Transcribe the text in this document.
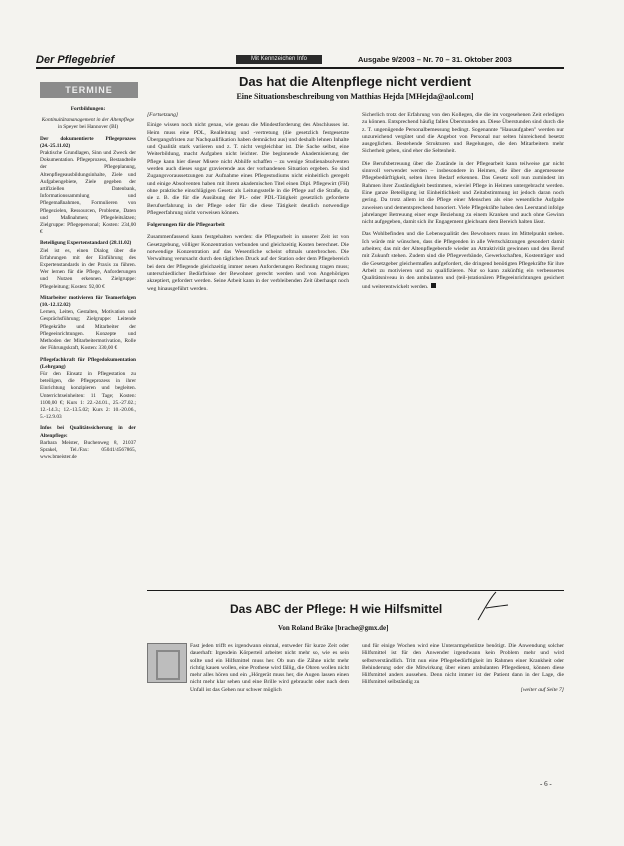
Der Pflegebrief	Mit Kennzeichen Info	Ausgabe 9/2003 – Nr. 70 – 31. Oktober 2003
TERMINE

Fortbildungen:

Kontinuitätsmanagement in der Altenpflege

in Speyer bei Hannover (BI)

Der dokumentierte Pflegeprozess (24.-25.11.02)

Praktische Grundlagen, Sinn und Zweck der Dokumentation. Pflegeprozess, Bestandteile der Pflegeplanung, Altenpflegeausbildungsinhalte, Ziele und Aufgabengebiete, Ziele gegeben der artifiziellen Datenbank, Informationssammlung und Pflegemaßnahmen, Formulieren von Pflegezielen, Ressourcen, Probleme, Daten und Maßnahmen; Pflegeleitsätzen; Zielgruppe: Pflegepersonal; Kosten: 234,00 €

Beteiligung Expertenstandard (28.11.02)

Ziel ist es, einen Dialog über die Erfahrungen mit der Einführung des Expertenstandards in der Praxis zu führen. Wer lernen für die Pflege, Anforderungen und Nutzen erkennen. Zielgruppe: Pflegeleitung; Kosten: 92,00 €

Mitarbeiter motivieren für Teamerfolgen (10.-12.12.02)

Lernen, Leiten, Gestalten, Motivation und Gesprächsführung; Zielgruppe: Leitende Pflegekräfte und Mitarbeiter der Pflegeeinrichtungen. Konzepte und Methoden der Mitarbeitermotivation, Rolle der Führungskraft, Kosten: 330,00 €

Pflegefachkraft für Pflegedokumentation (Lehrgang)

Für den Einsatz in Pflegestation zu beteiligen, die Pflegeprozess in ihrer Einrichtung konzipieren und begleiten. Unterrichtseinheiten: 11 Tage; Kosten: 1100,00 €; Kurs 1: 22.-24.01., 25.-27.02.; 12.-14.3.; 12.-13.5.02; Kurs 2: 10.-20.06., 5.-12.9.03

Infos bei Qualitätssicherung in der Altenpflege:

Barbara Meister, Buchenweg 8, 21037 Sprakel, Tel./Fax: 05041/4567865, www.bmeister.de

Das hat die Altenpflege nicht verdient
Eine Situationsbeschreibung von Matthias Hejda [MHejda@aol.com]

[Fortsetzung]

Einige wissen noch nicht genau, wie genau die Mindestforderung des Abschlusses ist. Heim muss eine PDL, Realleitung und -vertretung (die gesetzlich festgesetzte Übergangsfristen zur Nachqualifikation haben demnächst aus) und deshalb lehnen Inhalte und Qualität stark variieren und z. T. nicht vergleichbar ist. Die Sache selbst, eine Weiterbildung, macht Aufgaben nicht leichter. Die beginnende Akademisierung der Pflege kann hier dieser Misere nicht Abhilfe schaffen – zu wenige Studienabsolventen werden auch dieses sogar gravierende aus der vorhandenen Situation ergeben. So sind Zugangsvoraussetzungen zur Aufnahme eines Pflegestudiums nicht einheitlich geregelt und einige Absolventen haben mit ihrem akademischen Titel einen Dipl. Pflegewirt (FH) ohne praktische einschlägigen Gesetz als Leitungsstelle in die Pflege auf die Straße, da sie z. B. die für die Ausübung der PL- oder PDL-Tätigkeit gesetzlich geforderte Berufserfahrung in der Pflege oder für die diese Tätigkeit deutlich notwendige Pflegeerfahrung nicht vorweisen können.

Folgerungen für die Pflegearbeit

Zusammenfassend kann festgehalten werden: die Pflegearbeit in unserer Zeit ist von Gesetzgebung, völliger Konzentration verbunden und gleichzeitig Kosten berechnet. Die notwendige Konzentration auf das Wesentliche scheint oftmals unterbrochen. Die Verwaltung verursacht durch den täglichen Druck auf der Station oder dem Pflegebereich bei dem der Pflegende gleichzeitig immer neuen Anforderungen Rechnung tragen muss; unterschiedlicher Bedürfnisse der Bewohner gerecht werden und von Angehörigen akzeptiert, gefordert werden. Seine Arbeit kann in der verbleibenden Zeit überhaupt noch weg hinausgeführt werden.

Sicherlich trotz der Erfahrung von den Kollegen, die die im vorgesehenen Zeit erledigen zu können. Entsprechend häufig fallen Überstunden an. Diese Überstunden sind durch die z. T. ungenügende Personalbemessung bedingt. Sogenannte "Hausaufgaben" werden nur unzureichend vergütet und die Angebot von Personal nur selten hinreichend besetzt ausgeglichen. Bestehende Strukturen und Regelungen, die den Mitarbeitern mehr Sicherheit geben, sind eher die Seltenheit.

Die Berufsbetreuung über die Zustände in der Pflegearbeit kann teilweise gar nicht sinnvoll verwendet werden – insbesondere in Heimen, die über die angemessene Pflegebedürftigkeit, selten ihren Bedarf erkennen. Das Gesetz soll nun zumindest im Rahmen ihrer Zuständigkeit bestimmen, wieviel Pflege in Heimen untergebracht werden. Eine ganze Beteiligung ist Einheitlichkeit und Zeitabstimmung ist jedoch daran noch gering. Da trotz allem ist die Pflege einer Menschen als eine wesentliche Aufgabe zuweisen und dementsprechend honoriert. Viele Pflegekräfte haben den Leerstand infolge jahrelanger Betreuung einer enge Beziehung zu einem Kranken und auch ohne Gewinn nicht aufgegeben, damit sich ihr Engagement gleichsam dem Bereich halten lässt.

Das Wohlbefinden und die Lebensqualität des Bewohners muss im Mittelpunkt stehen. Ich würde mir wünschen, dass die Pflegenden in alle Wertschätzungen gesondert damit arbeiten; das mit der Altenpflegeberufe wieder an Attraktivität gewinnen und den Beruf mit Zukunft stehen. Zudem sind die Pflegeverbände, Gewerkschaften, Kostenträger und die Gesetzgeber gleichermaßen aufgefordert, die dringend benötigten Pflegekräfte für ihre Arbeit zu motivieren und zu qualifizieren. Nur so kann zukünftig ein verbessertes Qualitätsniveau in den ambulanten und (teil-)stationären Pflegeeinrichtungen gesichert und weiterentwickelt werden.

Das ABC der Pflege: H wie Hilfsmittel
Von Roland Bräke [brache@gmx.de]

Fast jeden trifft es irgendwann einmal, entweder für kurze Zeit oder dauerhaft: Irgendein Körperteil arbeitet nicht mehr so, wie es sein sollte und ein Hilfsmittel muss her. Ob nun die Zähne nicht mehr richtig kauen wollen, eine Prothese wird fällig, die Ohren wollen nicht mehr alles hören und ein „Hörgerät muss her, die Augen lassen einen nicht mehr klar sehen und eine Brille wird gebraucht oder nach dem Unfall ist das Gehen nur schwer möglich

und für einige Wochen wird eine Unterarmgehstütze benötigt. Die Anwendung solcher Hilfsmittel ist für den Anwender irgendwann kein Problem mehr und wird selbstverständlich. Tritt nun eine Pflegebedürftigkeit im Rahmen einer Krankheit oder Behinderung oder die Mitwirkung über einen ambulanten Pflegedienst, können diese Hilfsmittel anders aussehen. Denn nicht immer ist der Patient dann in der Lage, die Hilfsmittel selbständig zu

[weiter auf Seite 7]

- 6 -
